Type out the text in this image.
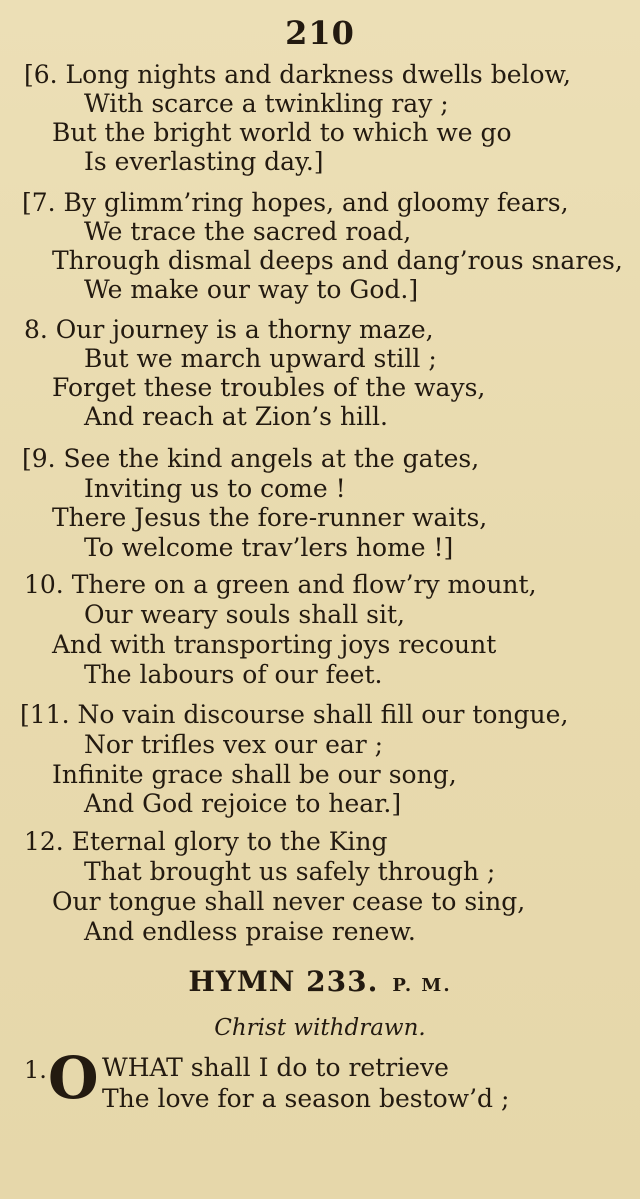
210
[6. Long nights and darkness dwells below,
With scarce a twinkling ray ;
But the bright world to which we go
Is everlasting day.]
[7. By glimm’ring hopes, and gloomy fears,
We trace the sacred road,
Through dismal deeps and dang’rous snares,
We make our way to God.]
8. Our journey is a thorny maze,
But we march upward still ;
Forget these troubles of the ways,
And reach at Zion’s hill.
[9. See the kind angels at the gates,
Inviting us to come !
There Jesus the fore-runner waits,
To welcome trav’lers home !]
10. There on a green and flow’ry mount,
Our weary souls shall sit,
And with transporting joys recount
The labours of our feet.
[11. No vain discourse shall fill our tongue,
Nor trifles vex our ear ;
Infinite grace shall be our song,
And God rejoice to hear.]
12. Eternal glory to the King
That brought us safely through ;
Our tongue shall never cease to sing,
And endless praise renew.
HYMN 233. P. M.
Christ withdrawn.
1. O WHAT shall I do to retrieve
The love for a season bestow’d ;
